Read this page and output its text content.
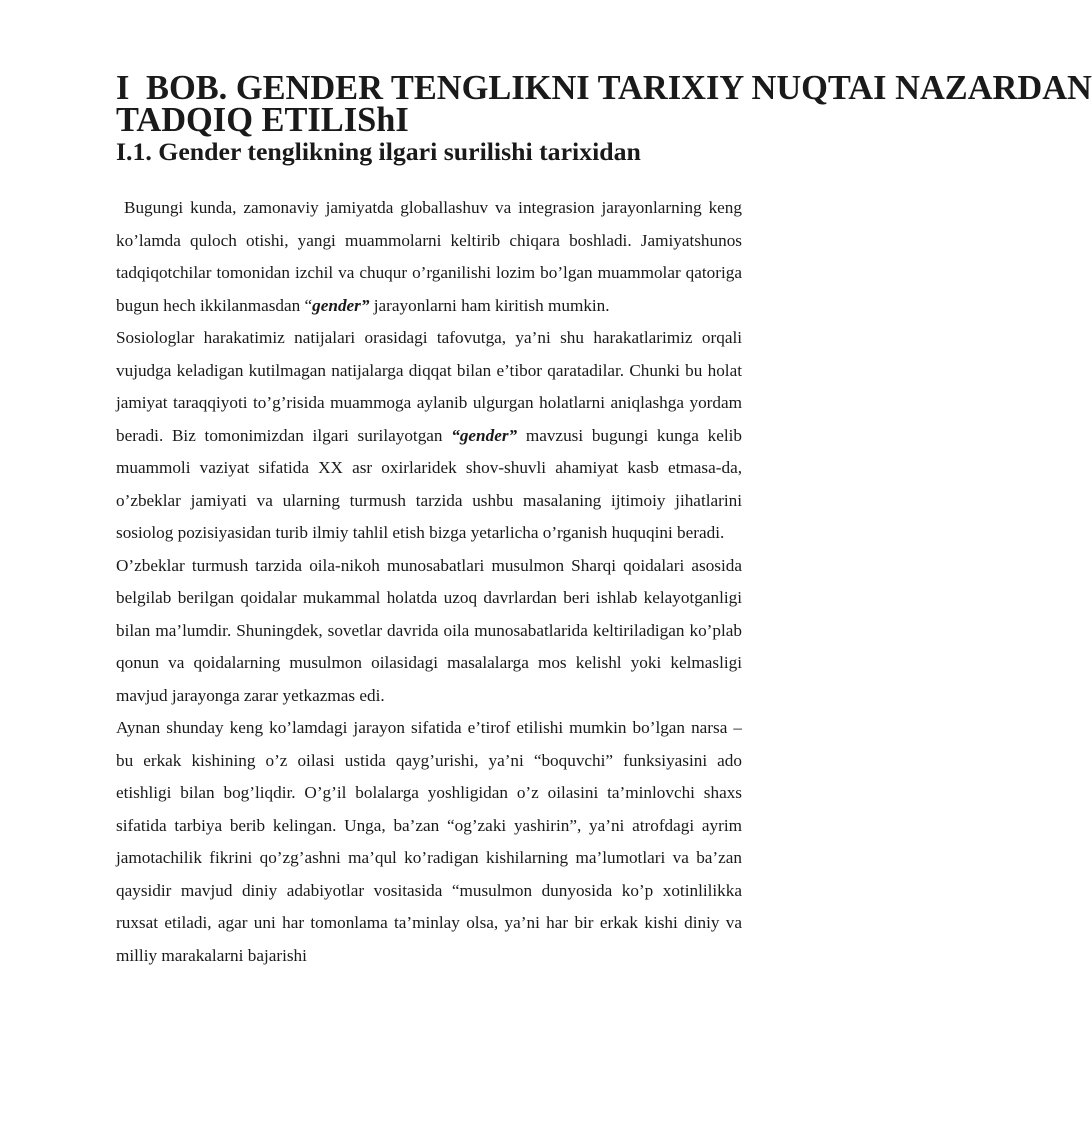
I BOB. GENDER TENGLIKNI TARIXIY NUQTAI NAZARDAN
TADQIQ ETILIShI
I.1. Gender tenglikning ilgari surilishi tarixidan

Bugungi kunda, zamonaviy jamiyatda globallashuv va integrasion jarayonlarning keng ko’lamda quloch otishi, yangi muammolarni keltirib chiqara boshladi. Jamiyatshunos tadqiqotchilar tomonidan izchil va chuqur o’rganilishi lozim bo’lgan muammolar qatoriga bugun hech ikkilanmasdan “gender” jarayonlarni ham kiritish mumkin.

Sosiologlar harakatimiz natijalari orasidagi tafovutga, ya’ni shu harakatlarimiz orqali vujudga keladigan kutilmagan natijalarga diqqat bilan e’tibor qaratadilar. Chunki bu holat jamiyat taraqqiyoti to’g’risida muammoga aylanib ulgurgan holatlarni aniqlashga yordam beradi. Biz tomonimizdan ilgari surilayotgan “gender” mavzusi bugungi kunga kelib muammoli vaziyat sifatida XX asr oxirlaridek shov-shuvli ahamiyat kasb etmasa-da, o’zbeklar jamiyati va ularning turmush tarzida ushbu masalaning ijtimoiy jihatlarini sosiolog pozisiyasidan turib ilmiy tahlil etish bizga yetarlicha o’rganish huquqini beradi.

O’zbeklar turmush tarzida oila-nikoh munosabatlari musulmon Sharqi qoidalari asosida belgilab berilgan qoidalar mukammal holatda uzoq davrlardan beri ishlab kelayotganligi bilan ma’lumdir. Shuningdek, sovetlar davrida oila munosabatlarida keltiriladigan ko’plab qonun va qoidalarning musulmon oilasidagi masalalarga mos kelishl yoki kelmasligi mavjud jarayonga zarar yetkazmas edi.

Aynan shunday keng ko’lamdagi jarayon sifatida e’tirof etilishi mumkin bo’lgan narsa – bu erkak kishining o’z oilasi ustida qayg’urishi, ya’ni “boquvchi” funksiyasini ado etishligi bilan bog’liqdir. O’g’il bolalarga yoshligidan o’z oilasini ta’minlovchi shaxs sifatida tarbiya berib kelingan. Unga, ba’zan “og’zaki yashirin”, ya’ni atrofdagi ayrim jamotachilik fikrini qo’zg’ashni ma’qul ko’radigan kishilarning ma’lumotlari va ba’zan qaysidir mavjud diniy adabiyotlar vositasida “musulmon dunyosida ko’p xotinlilikka ruxsat etiladi, agar uni har tomonlama ta’minlay olsa, ya’ni har bir erkak kishi diniy va milliy marakalarni bajarishi
